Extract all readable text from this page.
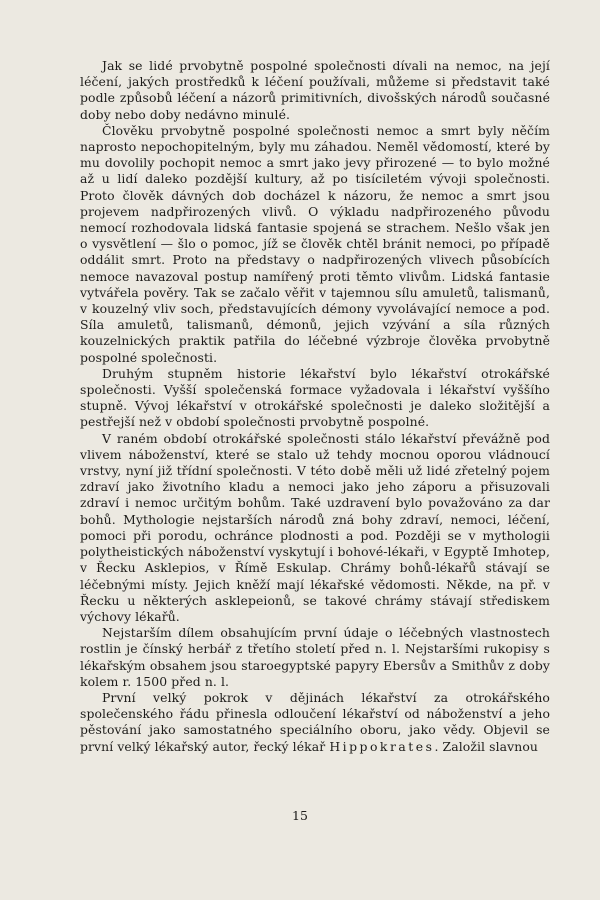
Jak se lidé prvobytně pospolné společnosti dívali na nemoc, na její léčení, jakých prostředků k léčení používali, můžeme si představit také podle způsobů léčení a názorů primitivních, divošských národů současné doby nebo doby nedávno minulé.

Člověku prvobytně pospolné společnosti nemoc a smrt byly něčím naprosto nepochopitelným, byly mu záhadou. Neměl vědomostí, které by mu dovolily pochopit nemoc a smrt jako jevy přirozené — to bylo možné až u lidí daleko pozdější kultury, až po tisíciletém vývoji společnosti. Proto člověk dávných dob docházel k názoru, že nemoc a smrt jsou projevem nadpřirozených vlivů. O výkladu nadpřirozeného původu nemocí rozhodovala lidská fantasie spojená se strachem. Nešlo však jen o vysvětlení — šlo o pomoc, jíž se člověk chtěl bránit nemoci, po případě oddálit smrt. Proto na představy o nadpřirozených vlivech působících nemoce navazoval postup namířený proti těmto vlivům. Lidská fantasie vytvářela pověry. Tak se začalo věřit v tajemnou sílu amuletů, talismanů, v kouzelný vliv soch, představujících démony vyvolávající nemoce a pod. Síla amuletů, talismanů, démonů, jejich vzývání a síla různých kouzelnických praktik patřila do léčebné výzbroje člověka prvobytně pospolné společnosti.

Druhým stupněm historie lékařství bylo lékařství otrokářské společnosti. Vyšší společenská formace vyžadovala i lékařství vyššího stupně. Vývoj lékařství v otrokářské společnosti je daleko složitější a pestřejší než v období společnosti prvobytně pospolné.

V raném období otrokářské společnosti stálo lékařství převážně pod vlivem náboženství, které se stalo už tehdy mocnou oporou vládnoucí vrstvy, nyní již třídní společnosti. V této době měli už lidé zřetelný pojem zdraví jako životního kladu a nemoci jako jeho záporu a přisuzovali zdraví i nemoc určitým bohům. Také uzdravení bylo považováno za dar bohů. Mythologie nejstarších národů zná bohy zdraví, nemoci, léčení, pomoci při porodu, ochránce plodnosti a pod. Později se v mythologii polytheistických náboženství vyskytují i bohové-lékaři, v Egyptě Imhotep, v Řecku Asklepios, v Římě Eskulap. Chrámy bohů-lékařů stávají se léčebnými místy. Jejich kněží mají lékařské vědomosti. Někde, na př. v Řecku u některých asklepeionů, se takové chrámy stávají střediskem výchovy lékařů.

Nejstarším dílem obsahujícím první údaje o léčebných vlastnostech rostlin je čínský herbář z třetího století před n. l. Nejstaršími rukopisy s lékařským obsahem jsou staroegyptské papyry Ebersův a Smithův z doby kolem r. 1500 před n. l.

První velký pokrok v dějinách lékařství za otrokářského společenského řádu přinesla odloučení lékařství od náboženství a jeho pěstování jako samostatného speciálního oboru, jako vědy. Objevil se první velký lékařský autor, řecký lékař Hippokrates. Založil slavnou

15
